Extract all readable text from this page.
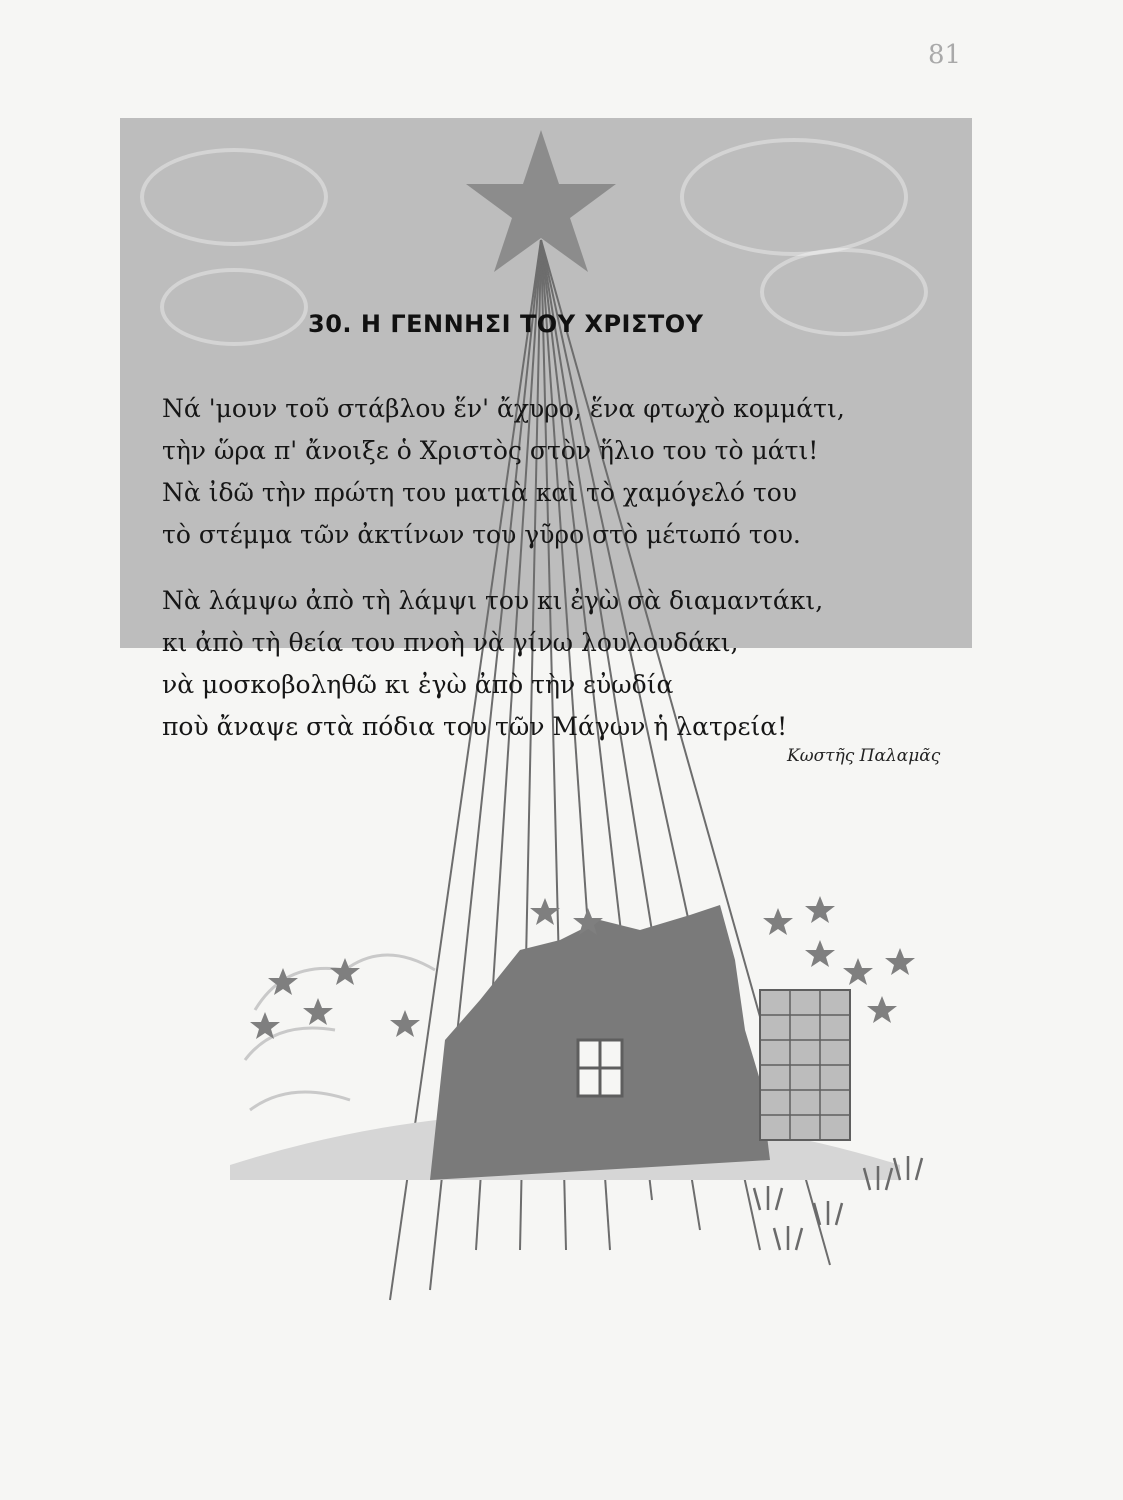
81
30. Η ΓΕΝΝΗΣΙ ΤΟΥ ΧΡΙΣΤΟΥ
Νά 'μουν τοῦ στάβλου ἕν' ἄχυρο, ἕνα φτωχὸ κομμάτι,
τὴν ὥρα π' ἄνοιξε ὁ Χριστὸς στὸν ἥλιο του τὸ μάτι!
Νὰ ἰδῶ τὴν πρώτη του ματιὰ καὶ τὸ χαμόγελό του
τὸ στέμμα τῶν ἀκτίνων του γῦρο στὸ μέτωπό του.
Νὰ λάμψω ἀπὸ τὴ λάμψι του κι ἐγὼ σὰ διαμαντάκι,
κι ἀπὸ τὴ θεία του πνοὴ νὰ γίνω λουλουδάκι,
νὰ μοσκοβοληθῶ κι ἐγὼ ἀπὸ τὴν εὐωδία
ποὺ ἄναψε στὰ πόδια του τῶν Μάγων ἡ λατρεία!
Κωστῆς Παλαμᾶς
